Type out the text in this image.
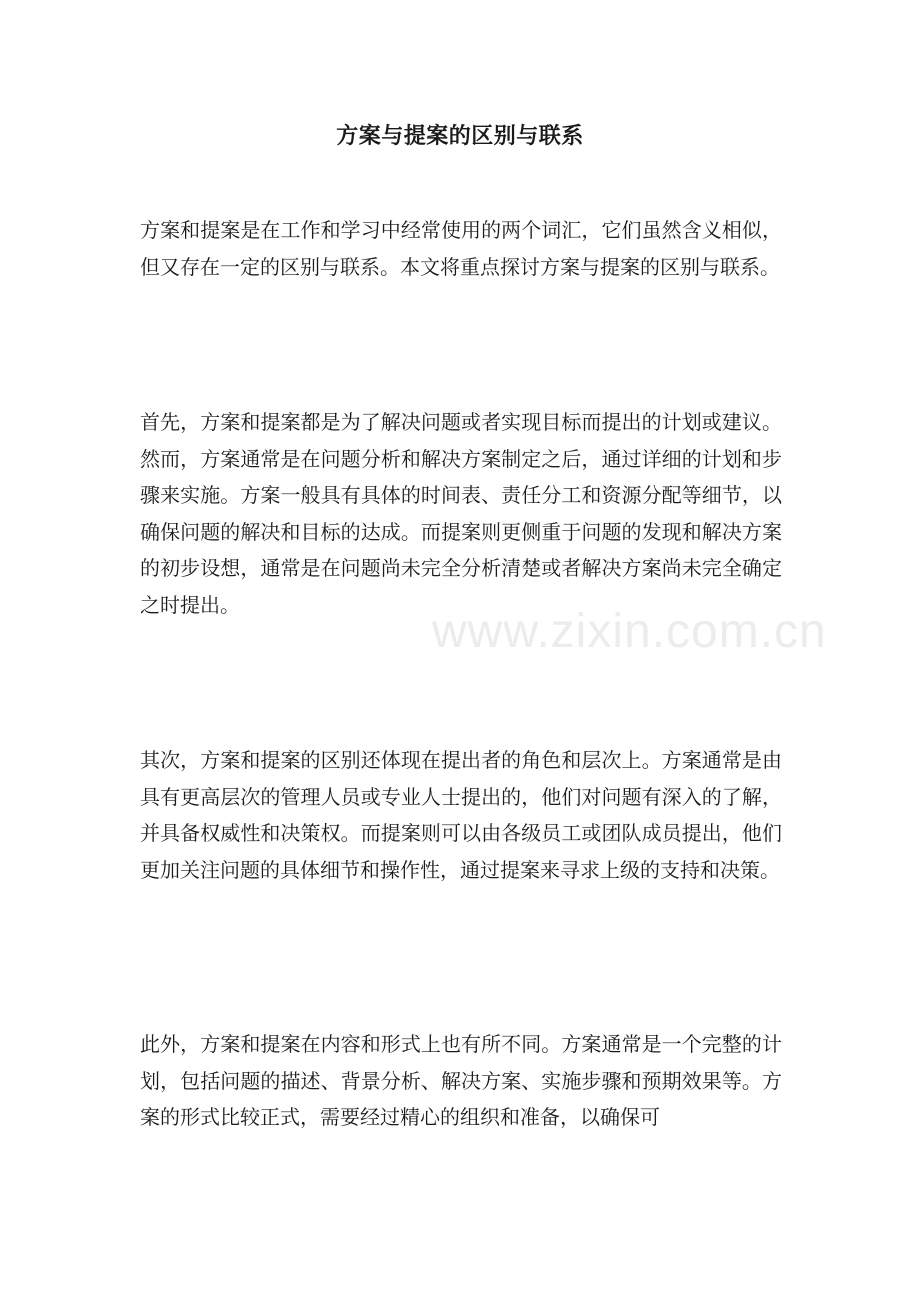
方案与提案的区别与联系

方案和提案是在工作和学习中经常使用的两个词汇，它们虽然含义相似，但又存在一定的区别与联系。本文将重点探讨方案与提案的区别与联系。

首先，方案和提案都是为了解决问题或者实现目标而提出的计划或建议。然而，方案通常是在问题分析和解决方案制定之后，通过详细的计划和步骤来实施。方案一般具有具体的时间表、责任分工和资源分配等细节，以确保问题的解决和目标的达成。而提案则更侧重于问题的发现和解决方案的初步设想，通常是在问题尚未完全分析清楚或者解决方案尚未完全确定之时提出。

其次，方案和提案的区别还体现在提出者的角色和层次上。方案通常是由具有更高层次的管理人员或专业人士提出的，他们对问题有深入的了解，并具备权威性和决策权。而提案则可以由各级员工或团队成员提出，他们更加关注问题的具体细节和操作性，通过提案来寻求上级的支持和决策。

此外，方案和提案在内容和形式上也有所不同。方案通常是一个完整的计划，包括问题的描述、背景分析、解决方案、实施步骤和预期效果等。方案的形式比较正式，需要经过精心的组织和准备，以确保可

www.zixin.com.cn
